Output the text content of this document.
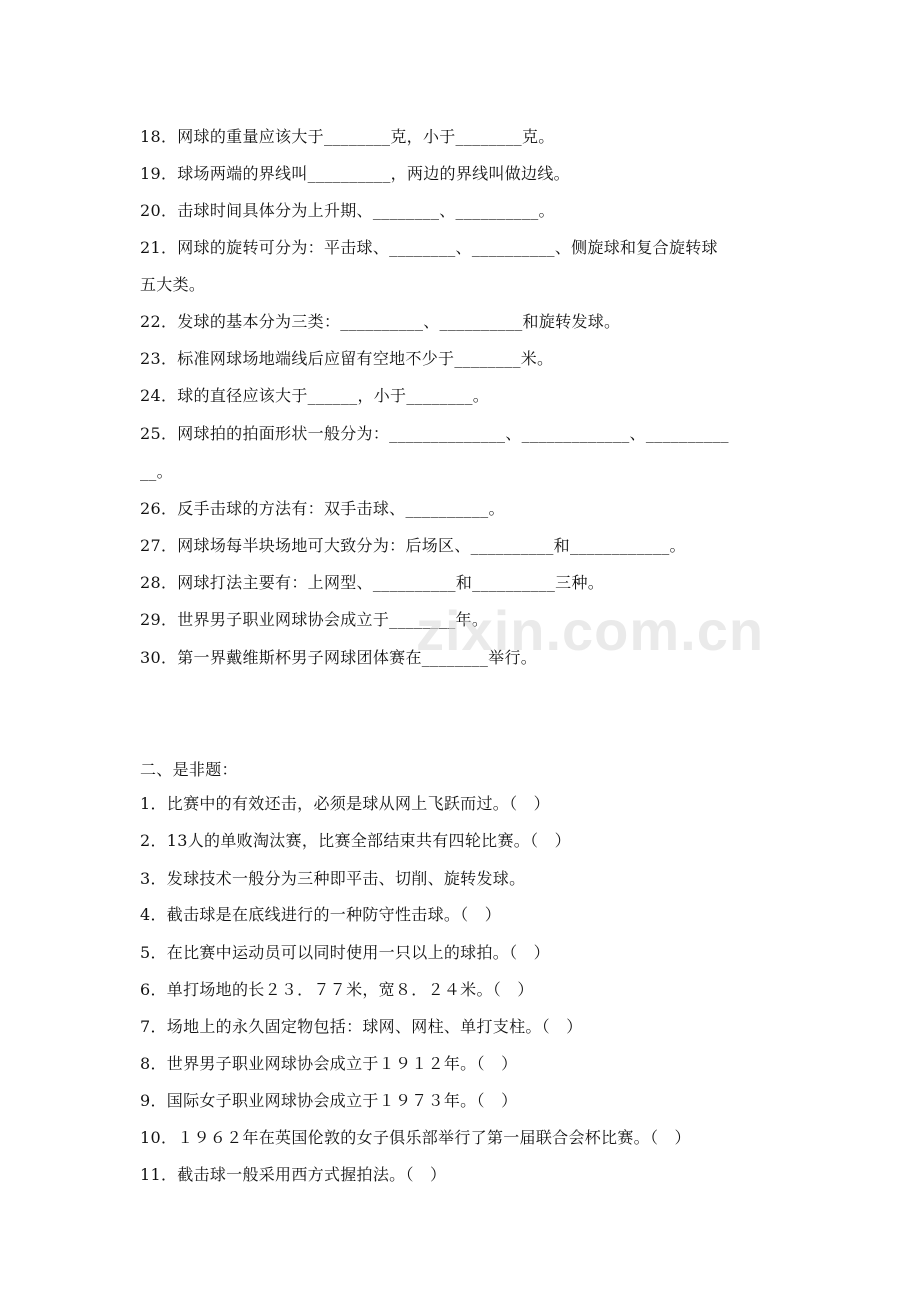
18．网球的重量应该大于________克，小于________克。
19．球场两端的界线叫__________，两边的界线叫做边线。
20．击球时间具体分为上升期、________、__________。
21．网球的旋转可分为：平击球、________、__________、侧旋球和复合旋转球
五大类。
22．发球的基本分为三类：__________、__________和旋转发球。
23．标准网球场地端线后应留有空地不少于________米。
24．球的直径应该大于______，小于________。
25．网球拍的拍面形状一般分为：______________、_____________、__________
__。
26．反手击球的方法有：双手击球、__________。
27．网球场每半块场地可大致分为：后场区、__________和____________。
28．网球打法主要有：上网型、__________和__________三种。
29．世界男子职业网球协会成立于________年。
30．第一界戴维斯杯男子网球团体赛在________举行。
二、是非题：
1．比赛中的有效还击，必须是球从网上飞跃而过。（　）
2．13人的单败淘汰赛，比赛全部结束共有四轮比赛。（　）
3．发球技术一般分为三种即平击、切削、旋转发球。
4．截击球是在底线进行的一种防守性击球。（　）
5．在比赛中运动员可以同时使用一只以上的球拍。（　）
6．单打场地的长２３．７７米，宽８．２４米。（　）
7．场地上的永久固定物包括：球网、网柱、单打支柱。（　）
8．世界男子职业网球协会成立于１９１２年。（　）
9．国际女子职业网球协会成立于１９７３年。（　）
10．１９６２年在英国伦敦的女子俱乐部举行了第一届联合会杯比赛。（　）
11．截击球一般采用西方式握拍法。（　）
zixin.com.cn
